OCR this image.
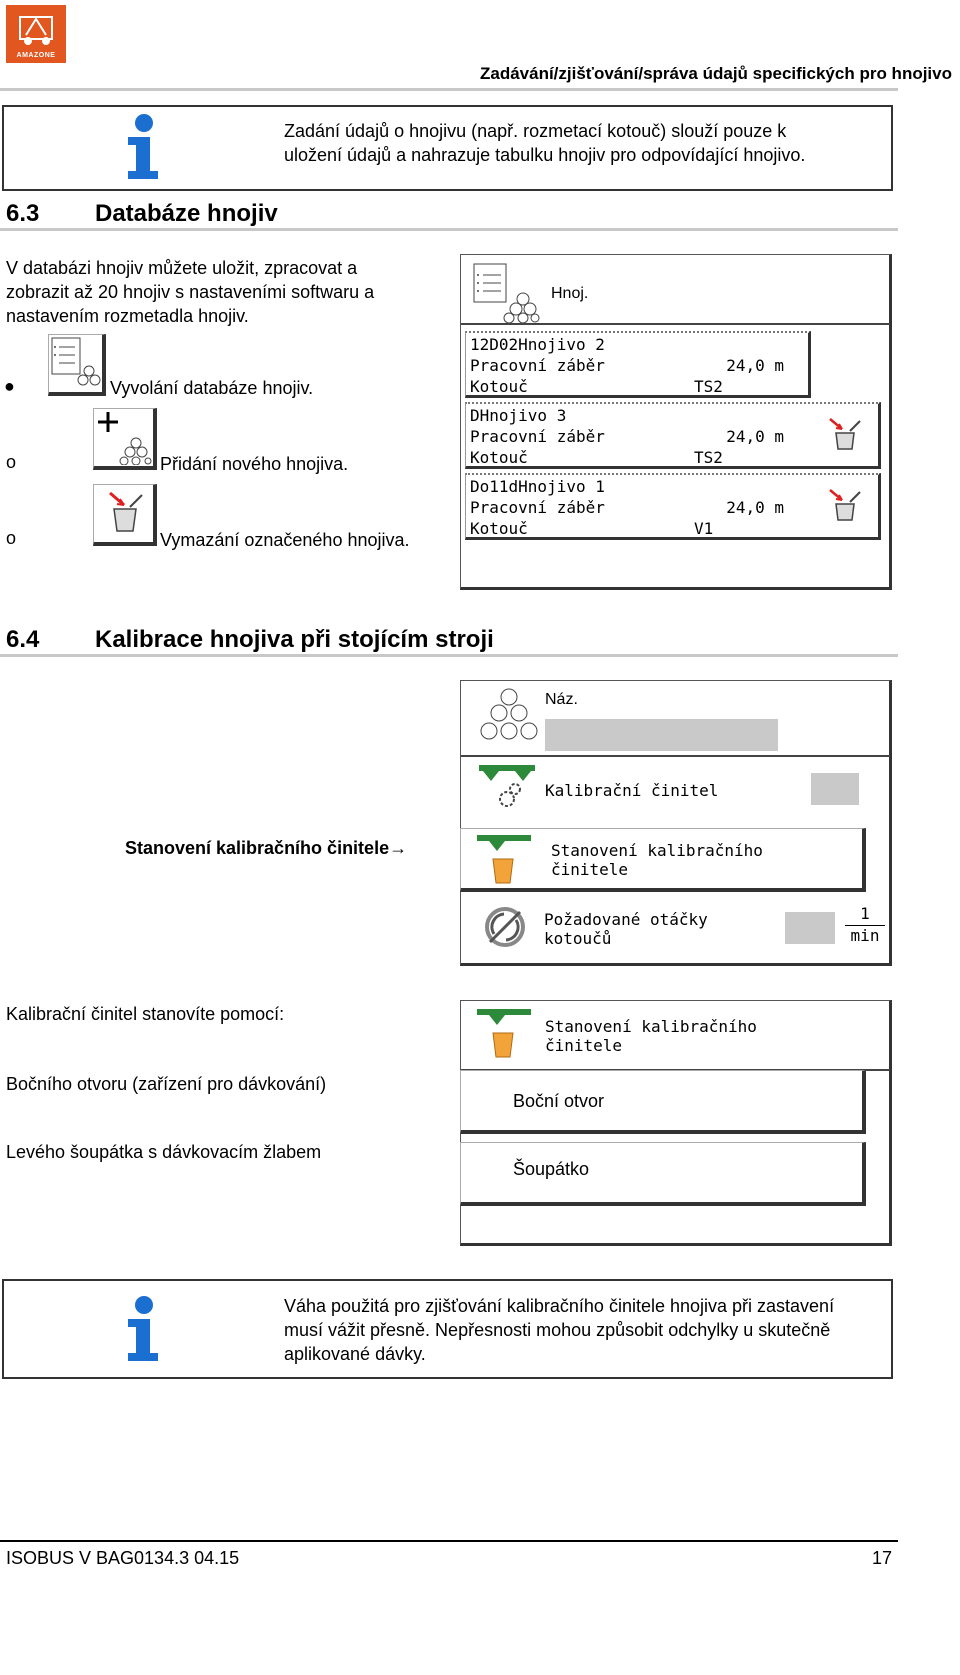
AMAZONE
Zadávání/zjišťování/správa údajů specifických pro hnojivo
Zadání údajů o hnojivu (např. rozmetací kotouč) slouží pouze k
uložení údajů a nahrazuje tabulku hnojiv pro odpovídající hnojivo.
6.3 Databáze hnojiv
V databázi hnojiv můžete uložit, zpracovat a
zobrazit až 20 hnojiv s nastaveními softwaru a
nastavením rozmetadla hnojiv.
●	Vyvolání databáze hnojiv.
o	Přidání nového hnojiva.
o	Vymazání označeného hnojiva.
Hnoj.
12D02Hnojivo 2
Pracovní záběr	24,0 m
Kotouč	TS2
DHnojivo 3
Pracovní záběr	24,0 m
Kotouč	TS2
Do11dHnojivo 1
Pracovní záběr	24,0 m
Kotouč	V1
6.4 Kalibrace hnojiva při stojícím stroji
Náz.
Kalibrační činitel
Stanovení kalibračního
činitele
Požadované otáčky
kotoučů
1
min
Stanovení kalibračního činitele→
Kalibrační činitel stanovíte pomocí:
Bočního otvoru (zařízení pro dávkování)
Levého šoupátka s dávkovacím žlabem
Stanovení kalibračního
činitele
Boční otvor
Šoupátko
Váha použitá pro zjišťování kalibračního činitele hnojiva při zastavení
musí vážit přesně. Nepřesnosti mohou způsobit odchylky u skutečně
aplikované dávky.
ISOBUS V BAG0134.3 04.15	17
